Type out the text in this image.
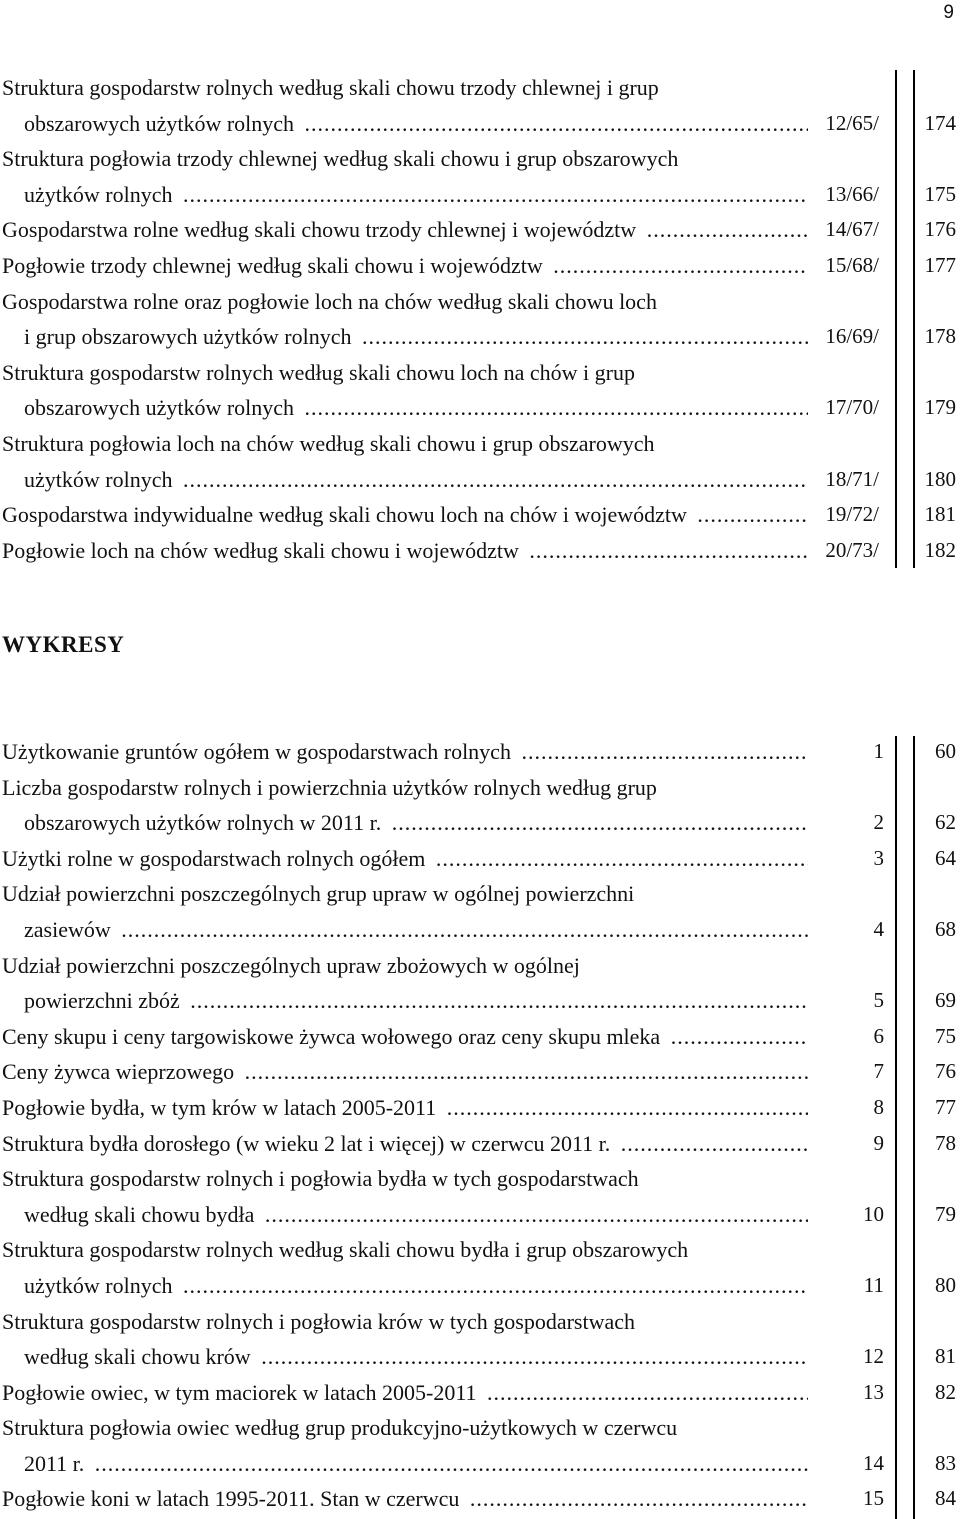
9
Struktura gospodarstw rolnych według skali chowu trzody chlewnej i grup
obszarowych użytków rolnych .....	12/65/ 174
Struktura pogłowia trzody chlewnej według skali chowu i grup obszarowych
użytków rolnych .....	13/66/ 175
Gospodarstwa rolne według skali chowu trzody chlewnej i województw .....	14/67/ 176
Pogłowie trzody chlewnej według skali chowu i województw .....	15/68/ 177
Gospodarstwa rolne oraz pogłowie loch na chów według skali chowu loch
i grup obszarowych użytków rolnych .....	16/69/ 178
Struktura gospodarstw rolnych według skali chowu loch na chów i grup
obszarowych użytków rolnych .....	17/70/ 179
Struktura pogłowia loch na chów według skali chowu i grup obszarowych
użytków rolnych .....	18/71/ 180
Gospodarstwa indywidualne według skali chowu loch na chów i województw .....	19/72/ 181
Pogłowie loch na chów według skali chowu i województw .....	20/73/ 182
WYKRESY
Użytkowanie gruntów ogółem w gospodarstwach rolnych .....	1 60
Liczba gospodarstw rolnych i powierzchnia użytków rolnych według grup
obszarowych użytków rolnych w 2011 r. .....	2 62
Użytki rolne w gospodarstwach rolnych ogółem .....	3 64
Udział powierzchni poszczególnych grup upraw w ogólnej powierzchni
zasiewów .....	4 68
Udział powierzchni poszczególnych upraw zbożowych w ogólnej
powierzchni zbóż .....	5 69
Ceny skupu i ceny targowiskowe żywca wołowego oraz ceny skupu mleka .....	6 75
Ceny żywca wieprzowego .....	7 76
Pogłowie bydła, w tym krów w latach 2005-2011 .....	8 77
Struktura bydła dorosłego (w wieku 2 lat i więcej) w czerwcu 2011 r. .....	9 78
Struktura gospodarstw rolnych i pogłowia bydła w tych gospodarstwach
według skali chowu bydła .....	10 79
Struktura gospodarstw rolnych według skali chowu bydła i grup obszarowych
użytków rolnych .....	11 80
Struktura gospodarstw rolnych i pogłowia krów w tych gospodarstwach
według skali chowu krów .....	12 81
Pogłowie owiec, w tym maciorek w latach 2005-2011 .....	13 82
Struktura pogłowia owiec według grup produkcyjno-użytkowych w czerwcu
2011 r. .....	14 83
Pogłowie koni w latach 1995-2011. Stan w czerwcu .....	15 84
